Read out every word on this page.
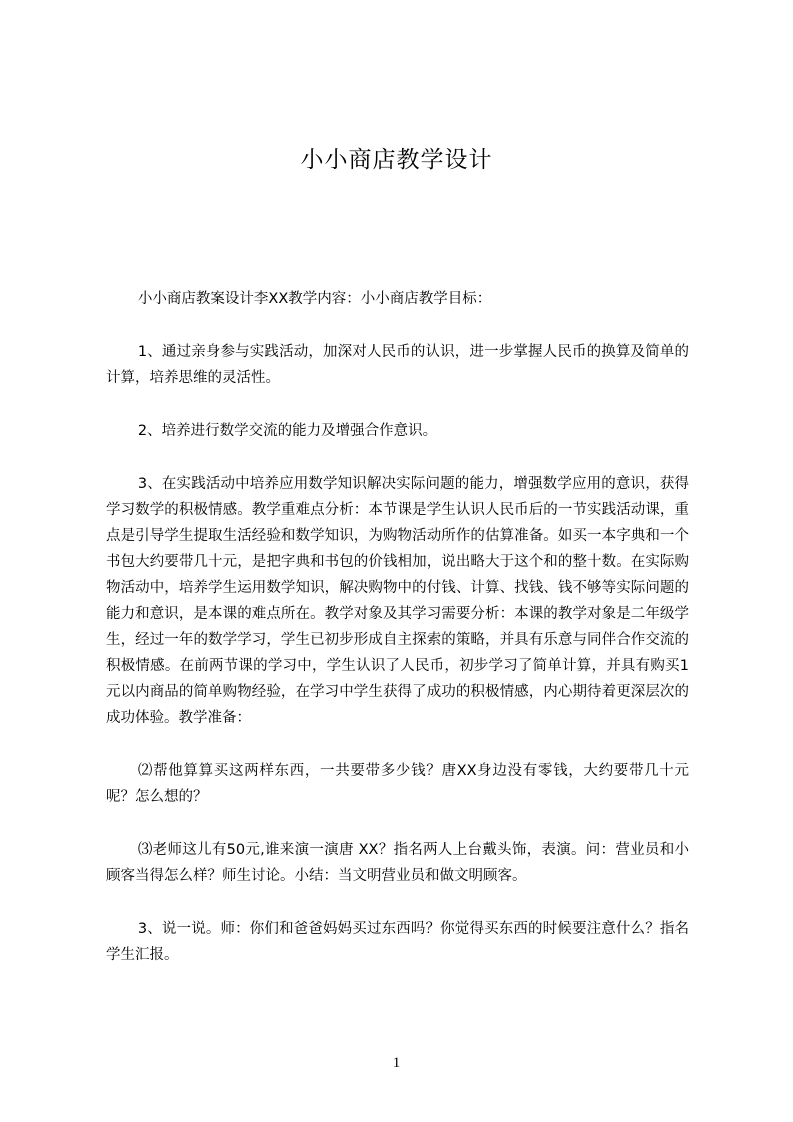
小小商店教学设计

小小商店教案设计李XX教学内容：小小商店教学目标：

1、通过亲身参与实践活动，加深对人民币的认识，进一步掌握人民币的换算及简单的计算，培养思维的灵活性。

2、培养进行数学交流的能力及增强合作意识。

3、在实践活动中培养应用数学知识解决实际问题的能力，增强数学应用的意识，获得学习数学的积极情感。教学重难点分析：本节课是学生认识人民币后的一节实践活动课，重点是引导学生提取生活经验和数学知识，为购物活动所作的估算准备。如买一本字典和一个书包大约要带几十元，是把字典和书包的价钱相加，说出略大于这个和的整十数。在实际购物活动中，培养学生运用数学知识，解决购物中的付钱、计算、找钱、钱不够等实际问题的能力和意识，是本课的难点所在。教学对象及其学习需要分析：本课的教学对象是二年级学生，经过一年的数学学习，学生已初步形成自主探索的策略，并具有乐意与同伴合作交流的积极情感。在前两节课的学习中，学生认识了人民币，初步学习了简单计算，并具有购买1元以内商品的简单购物经验，在学习中学生获得了成功的积极情感，内心期待着更深层次的成功体验。教学准备：

⑵帮他算算买这两样东西，一共要带多少钱？唐XX身边没有零钱，大约要带几十元呢？怎么想的？

⑶老师这儿有50元,谁来演一演唐 XX？指名两人上台戴头饰，表演。问：营业员和小顾客当得怎么样？师生讨论。小结：当文明营业员和做文明顾客。

3、说一说。师：你们和爸爸妈妈买过东西吗？你觉得买东西的时候要注意什么？指名学生汇报。

1
